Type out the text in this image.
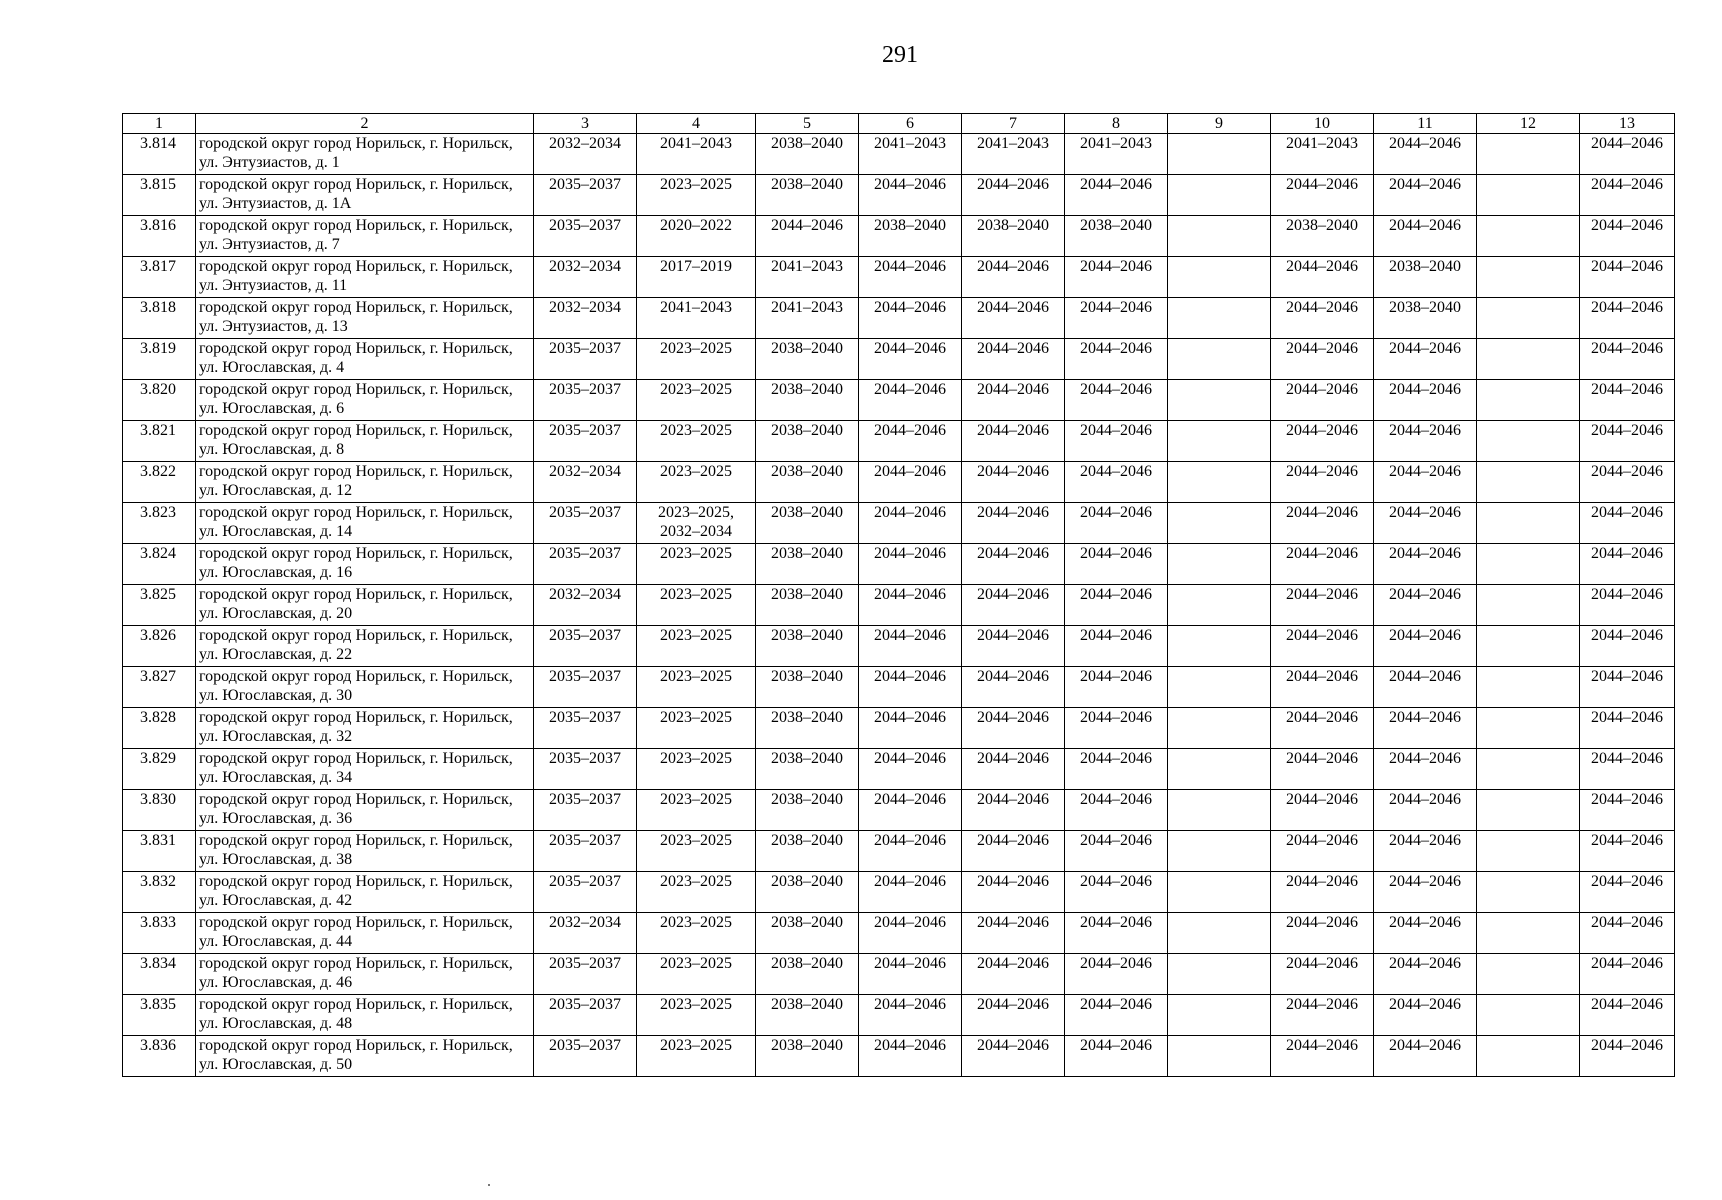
291
1	2	3	4	5	6	7	8	9	10	11	12	13
3.814	городской округ город Норильск, г. Норильск, ул. Энтузиастов, д. 1	2032–2034	2041–2043	2038–2040	2041–2043	2041–2043	2041–2043		2041–2043	2044–2046		2044–2046
3.815	городской округ город Норильск, г. Норильск, ул. Энтузиастов, д. 1А	2035–2037	2023–2025	2038–2040	2044–2046	2044–2046	2044–2046		2044–2046	2044–2046		2044–2046
3.816	городской округ город Норильск, г. Норильск, ул. Энтузиастов, д. 7	2035–2037	2020–2022	2044–2046	2038–2040	2038–2040	2038–2040		2038–2040	2044–2046		2044–2046
3.817	городской округ город Норильск, г. Норильск, ул. Энтузиастов, д. 11	2032–2034	2017–2019	2041–2043	2044–2046	2044–2046	2044–2046		2044–2046	2038–2040		2044–2046
3.818	городской округ город Норильск, г. Норильск, ул. Энтузиастов, д. 13	2032–2034	2041–2043	2041–2043	2044–2046	2044–2046	2044–2046		2044–2046	2038–2040		2044–2046
3.819	городской округ город Норильск, г. Норильск, ул. Югославская, д. 4	2035–2037	2023–2025	2038–2040	2044–2046	2044–2046	2044–2046		2044–2046	2044–2046		2044–2046
3.820	городской округ город Норильск, г. Норильск, ул. Югославская, д. 6	2035–2037	2023–2025	2038–2040	2044–2046	2044–2046	2044–2046		2044–2046	2044–2046		2044–2046
3.821	городской округ город Норильск, г. Норильск, ул. Югославская, д. 8	2035–2037	2023–2025	2038–2040	2044–2046	2044–2046	2044–2046		2044–2046	2044–2046		2044–2046
3.822	городской округ город Норильск, г. Норильск, ул. Югославская, д. 12	2032–2034	2023–2025	2038–2040	2044–2046	2044–2046	2044–2046		2044–2046	2044–2046		2044–2046
3.823	городской округ город Норильск, г. Норильск, ул. Югославская, д. 14	2035–2037	2023–2025,
2032–2034	2038–2040	2044–2046	2044–2046	2044–2046		2044–2046	2044–2046		2044–2046
3.824	городской округ город Норильск, г. Норильск, ул. Югославская, д. 16	2035–2037	2023–2025	2038–2040	2044–2046	2044–2046	2044–2046		2044–2046	2044–2046		2044–2046
3.825	городской округ город Норильск, г. Норильск, ул. Югославская, д. 20	2032–2034	2023–2025	2038–2040	2044–2046	2044–2046	2044–2046		2044–2046	2044–2046		2044–2046
3.826	городской округ город Норильск, г. Норильск, ул. Югославская, д. 22	2035–2037	2023–2025	2038–2040	2044–2046	2044–2046	2044–2046		2044–2046	2044–2046		2044–2046
3.827	городской округ город Норильск, г. Норильск, ул. Югославская, д. 30	2035–2037	2023–2025	2038–2040	2044–2046	2044–2046	2044–2046		2044–2046	2044–2046		2044–2046
3.828	городской округ город Норильск, г. Норильск, ул. Югославская, д. 32	2035–2037	2023–2025	2038–2040	2044–2046	2044–2046	2044–2046		2044–2046	2044–2046		2044–2046
3.829	городской округ город Норильск, г. Норильск, ул. Югославская, д. 34	2035–2037	2023–2025	2038–2040	2044–2046	2044–2046	2044–2046		2044–2046	2044–2046		2044–2046
3.830	городской округ город Норильск, г. Норильск, ул. Югославская, д. 36	2035–2037	2023–2025	2038–2040	2044–2046	2044–2046	2044–2046		2044–2046	2044–2046		2044–2046
3.831	городской округ город Норильск, г. Норильск, ул. Югославская, д. 38	2035–2037	2023–2025	2038–2040	2044–2046	2044–2046	2044–2046		2044–2046	2044–2046		2044–2046
3.832	городской округ город Норильск, г. Норильск, ул. Югославская, д. 42	2035–2037	2023–2025	2038–2040	2044–2046	2044–2046	2044–2046		2044–2046	2044–2046		2044–2046
3.833	городской округ город Норильск, г. Норильск, ул. Югославская, д. 44	2032–2034	2023–2025	2038–2040	2044–2046	2044–2046	2044–2046		2044–2046	2044–2046		2044–2046
3.834	городской округ город Норильск, г. Норильск, ул. Югославская, д. 46	2035–2037	2023–2025	2038–2040	2044–2046	2044–2046	2044–2046		2044–2046	2044–2046		2044–2046
3.835	городской округ город Норильск, г. Норильск, ул. Югославская, д. 48	2035–2037	2023–2025	2038–2040	2044–2046	2044–2046	2044–2046		2044–2046	2044–2046		2044–2046
3.836	городской округ город Норильск, г. Норильск, ул. Югославская, д. 50	2035–2037	2023–2025	2038–2040	2044–2046	2044–2046	2044–2046		2044–2046	2044–2046		2044–2046
